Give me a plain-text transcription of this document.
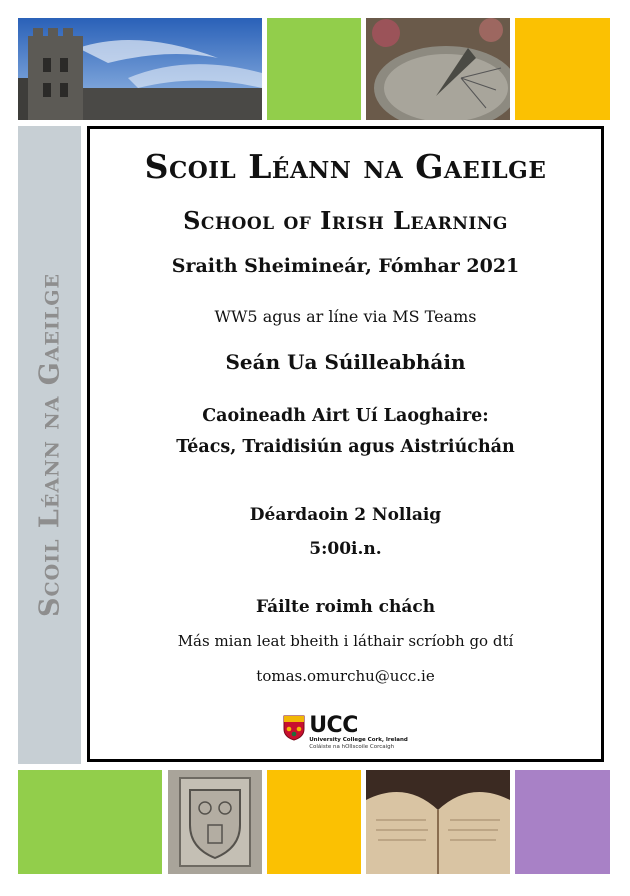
Scoil Léann na Gaeilge
Scoil Léann na Gaeilge
School of Irish Learning
Sraith Sheimineár, Fómhar 2021
WW5 agus ar líne via MS Teams
Seán Ua Súilleabháin
Caoineadh Airt Uí Laoghaire:
Téacs, Traidisiún agus Aistriúchán
Déardaoin 2 Nollaig
5:00i.n.
Fáilte roimh chách
Más mian leat bheith i láthair scríobh go dtí
tomas.omurchu@ucc.ie
UCC
University College Cork, Ireland
Coláiste na hOllscoile Corcaigh
